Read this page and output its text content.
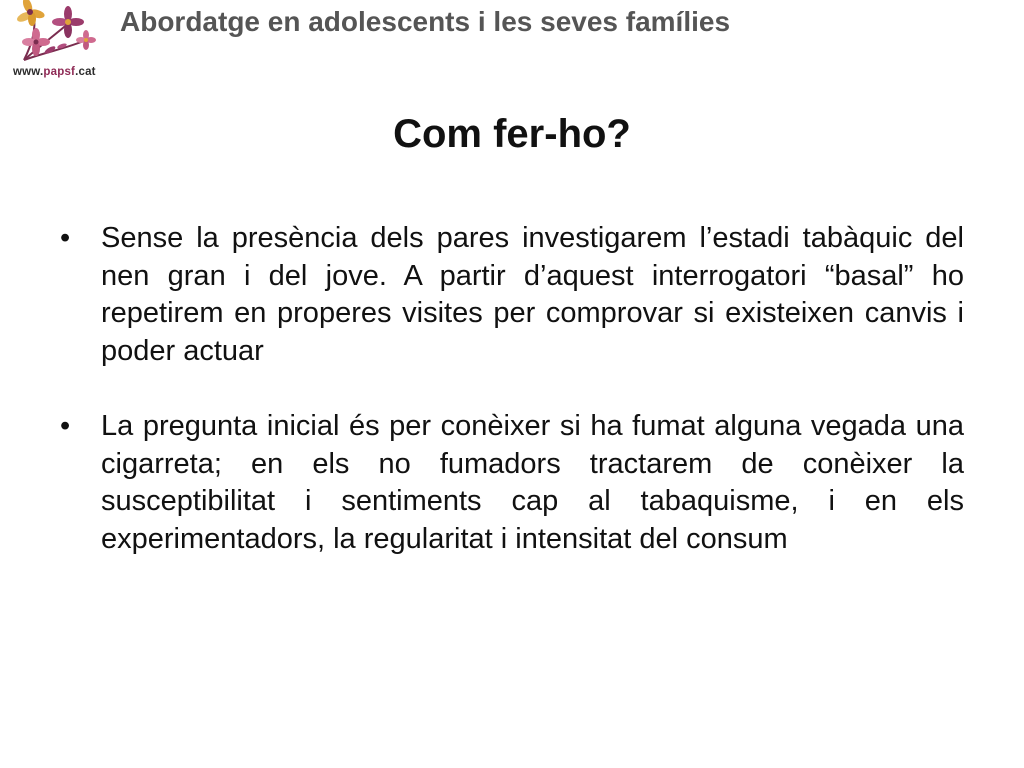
www.papsf.cat
Abordatge en adolescents i les seves famílies
Com fer-ho?
• Sense la presència dels pares investigarem l’estadi tabàquic del nen gran i del jove. A partir d’aquest interrogatori “basal” ho repetirem en properes visites per comprovar si existeixen canvis i poder actuar
• La pregunta inicial és per conèixer si ha fumat alguna vegada una cigarreta; en els no fumadors tractarem de conèixer la susceptibilitat i sentiments cap al tabaquisme, i en els experimentadors, la regularitat i intensitat del consum
